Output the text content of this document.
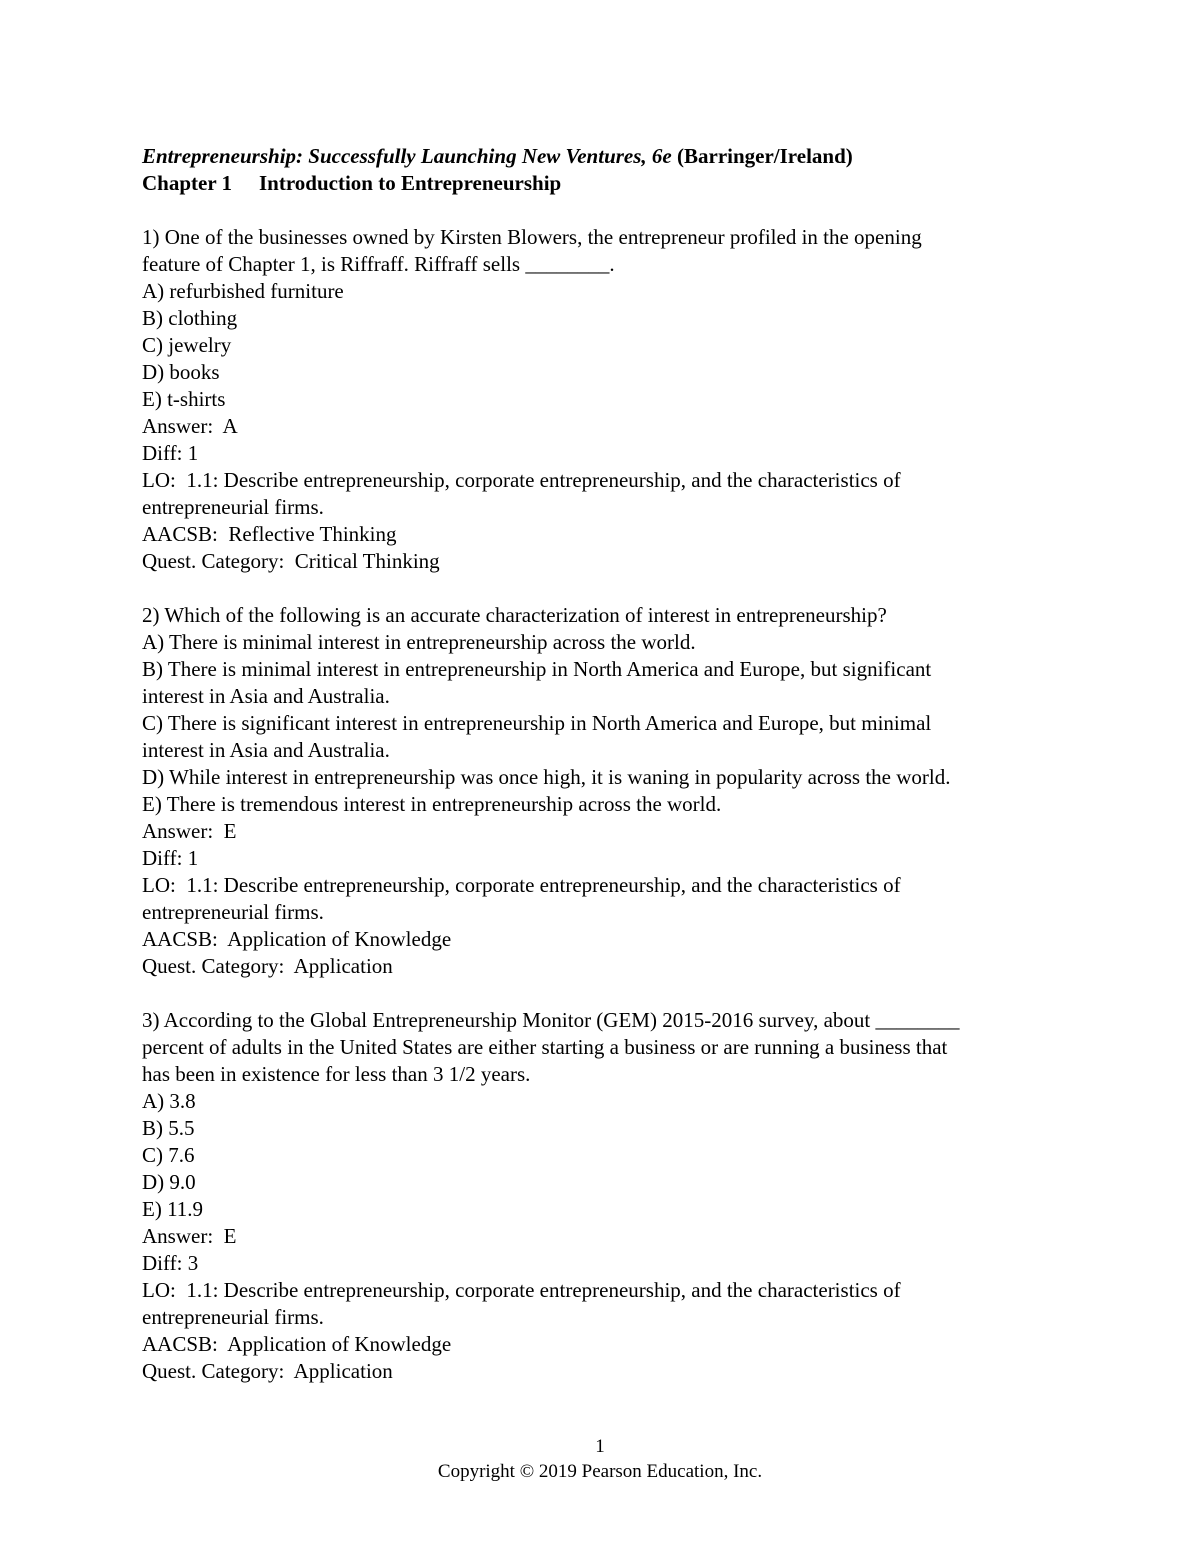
Entrepreneurship: Successfully Launching New Ventures, 6e (Barringer/Ireland)
Chapter 1 Introduction to Entrepreneurship
1) One of the businesses owned by Kirsten Blowers, the entrepreneur profiled in the opening
feature of Chapter 1, is Riffraff. Riffraff sells ________.
A) refurbished furniture
B) clothing
C) jewelry
D) books
E) t-shirts
Answer:  A
Diff: 1
LO:  1.1: Describe entrepreneurship, corporate entrepreneurship, and the characteristics of
entrepreneurial firms.
AACSB:  Reflective Thinking
Quest. Category:  Critical Thinking
2) Which of the following is an accurate characterization of interest in entrepreneurship?
A) There is minimal interest in entrepreneurship across the world.
B) There is minimal interest in entrepreneurship in North America and Europe, but significant
interest in Asia and Australia.
C) There is significant interest in entrepreneurship in North America and Europe, but minimal
interest in Asia and Australia.
D) While interest in entrepreneurship was once high, it is waning in popularity across the world.
E) There is tremendous interest in entrepreneurship across the world.
Answer:  E
Diff: 1
LO:  1.1: Describe entrepreneurship, corporate entrepreneurship, and the characteristics of
entrepreneurial firms.
AACSB:  Application of Knowledge
Quest. Category:  Application
3) According to the Global Entrepreneurship Monitor (GEM) 2015-2016 survey, about ________
percent of adults in the United States are either starting a business or are running a business that
has been in existence for less than 3 1/2 years.
A) 3.8
B) 5.5
C) 7.6
D) 9.0
E) 11.9
Answer:  E
Diff: 3
LO:  1.1: Describe entrepreneurship, corporate entrepreneurship, and the characteristics of
entrepreneurial firms.
AACSB:  Application of Knowledge
Quest. Category:  Application
1
Copyright © 2019 Pearson Education, Inc.
